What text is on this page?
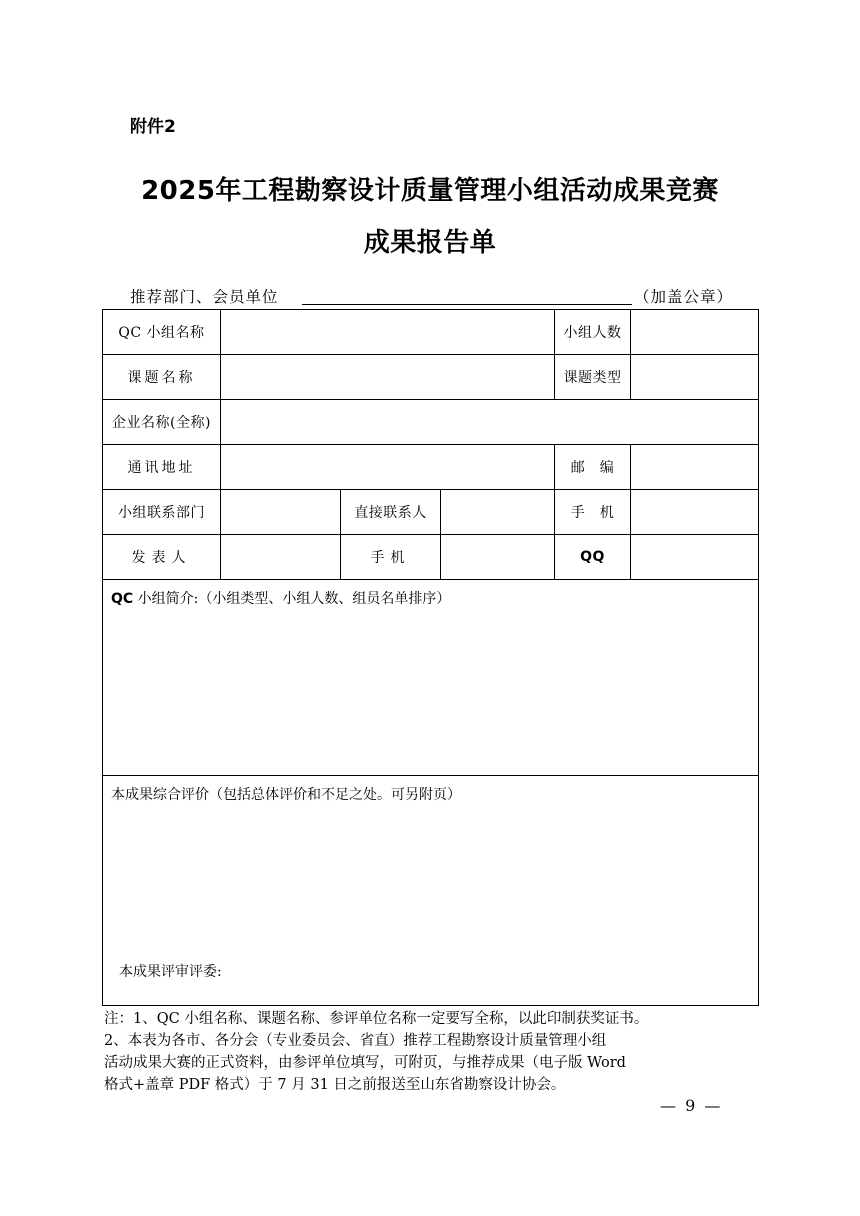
附件2
2025年工程勘察设计质量管理小组活动成果竞赛
成果报告单
推荐部门、会员单位	（加盖公章）
QC 小组名称				小组人数	
课题名称				课题类型	
企业名称(全称)					
通讯地址				邮　编	
小组联系部门		直接联系人		手　机	
发表人		手机		QQ	

QC 小组简介:（小组类型、小组人数、组员名单排序）					

本成果综合评价（包括总体评价和不足之处。可另附页）
本成果评审评委:					
注：1、QC 小组名称、课题名称、参评单位名称一定要写全称，以此印制获奖证书。
2、本表为各市、各分会（专业委员会、省直）推荐工程勘察设计质量管理小组
活动成果大赛的正式资料，由参评单位填写，可附页，与推荐成果（电子版 Word
格式+盖章 PDF 格式）于 7 月 31 日之前报送至山东省勘察设计协会。
— 9 —
